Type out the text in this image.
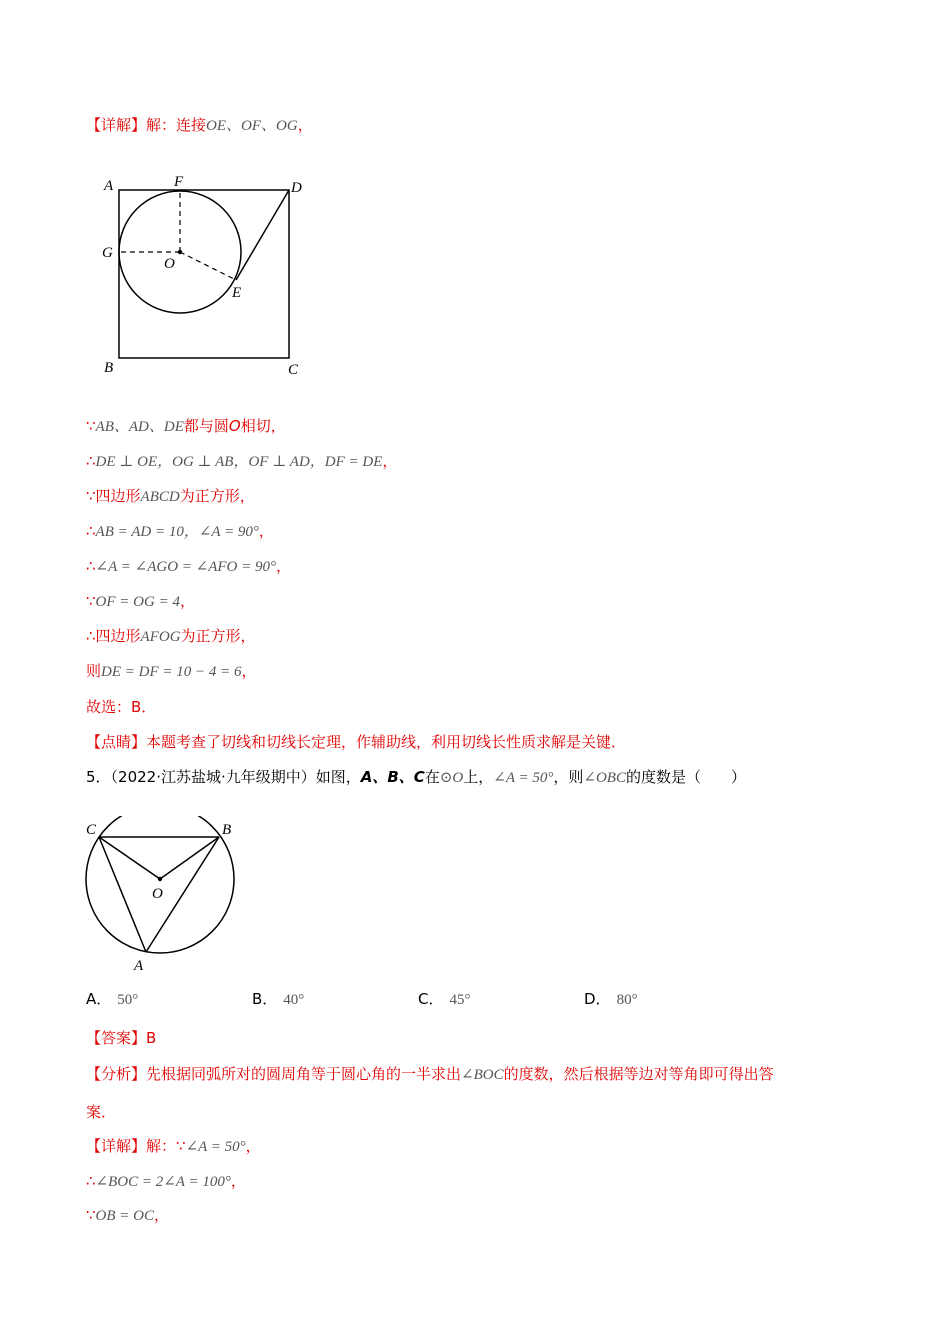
【详解】解：连接OE、OF、OG，
A	F	D
G
O
E
B	C
∵AB、AD、DE都与圆O相切，
∴DE ⊥ OE，OG ⊥ AB，OF ⊥ AD，DF = DE，
∵四边形ABCD为正方形，
∴AB = AD = 10，∠A = 90°，
∴∠A = ∠AGO = ∠AFO = 90°，
∵OF = OG = 4，
∴四边形AFOG为正方形，
则DE = DF = 10 − 4 = 6，
故选：B．
【点睛】本题考查了切线和切线长定理，作辅助线，利用切线长性质求解是关键．
5．（2022·江苏盐城·九年级期中）如图，A、B、C在⊙O上，∠A = 50°，则∠OBC的度数是（　　）
C	B
O
A
A． 50°	B． 40°	C． 45°	D． 80°
【答案】B
【分析】先根据同弧所对的圆周角等于圆心角的一半求出∠BOC的度数，然后根据等边对等角即可得出答
案．
【详解】解：∵∠A = 50°，
∴∠BOC = 2∠A = 100°，
∵OB = OC，
